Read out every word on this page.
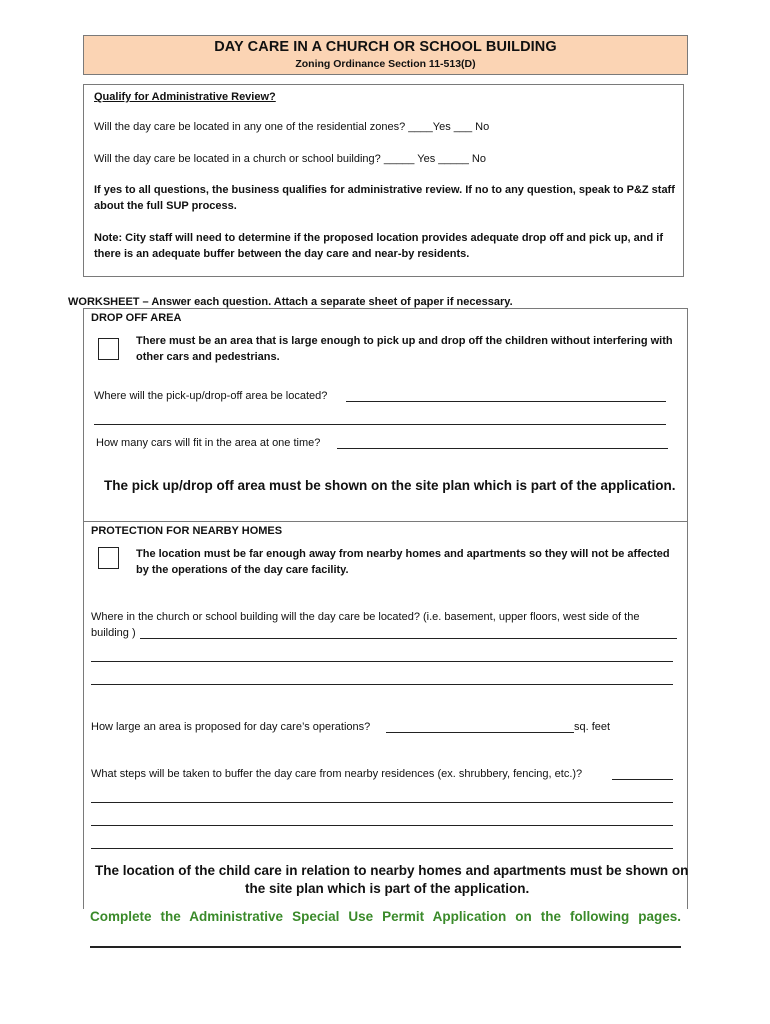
DAY CARE IN A CHURCH OR SCHOOL BUILDING
Zoning Ordinance Section 11-513(D)
Qualify for Administrative Review?
Will the day care be located in any one of the residential zones? ____Yes ___ No
Will the day care be located in a church or school building? _____ Yes _____ No
If yes to all questions, the business qualifies for administrative review. If no to any question, speak to P&Z staff
about the full SUP process.
Note: City staff will need to determine if the proposed location provides adequate drop off and pick up, and if
there is an adequate buffer between the day care and near-by residents.
WORKSHEET – Answer each question. Attach a separate sheet of paper if necessary.
DROP OFF AREA
There must be an area that is large enough to pick up and drop off the children without interfering with
other cars and pedestrians.
Where will the pick-up/drop-off area be located?
How many cars will fit in the area at one time?
The pick up/drop off area must be shown on the site plan which is part of the application.
PROTECTION FOR NEARBY HOMES
The location must be far enough away from nearby homes and apartments so they will not be affected
by the operations of the day care facility.
Where in the church or school building will the day care be located? (i.e. basement, upper floors, west side of the
building )
How large an area is proposed for day care’s operations?	sq. feet
What steps will be taken to buffer the day care from nearby residences (ex. shrubbery, fencing, etc.)?
The location of the child care in relation to nearby homes and apartments must be shown on
the site plan which is part of the application.
Complete the Administrative Special Use Permit Application on the following pages.
